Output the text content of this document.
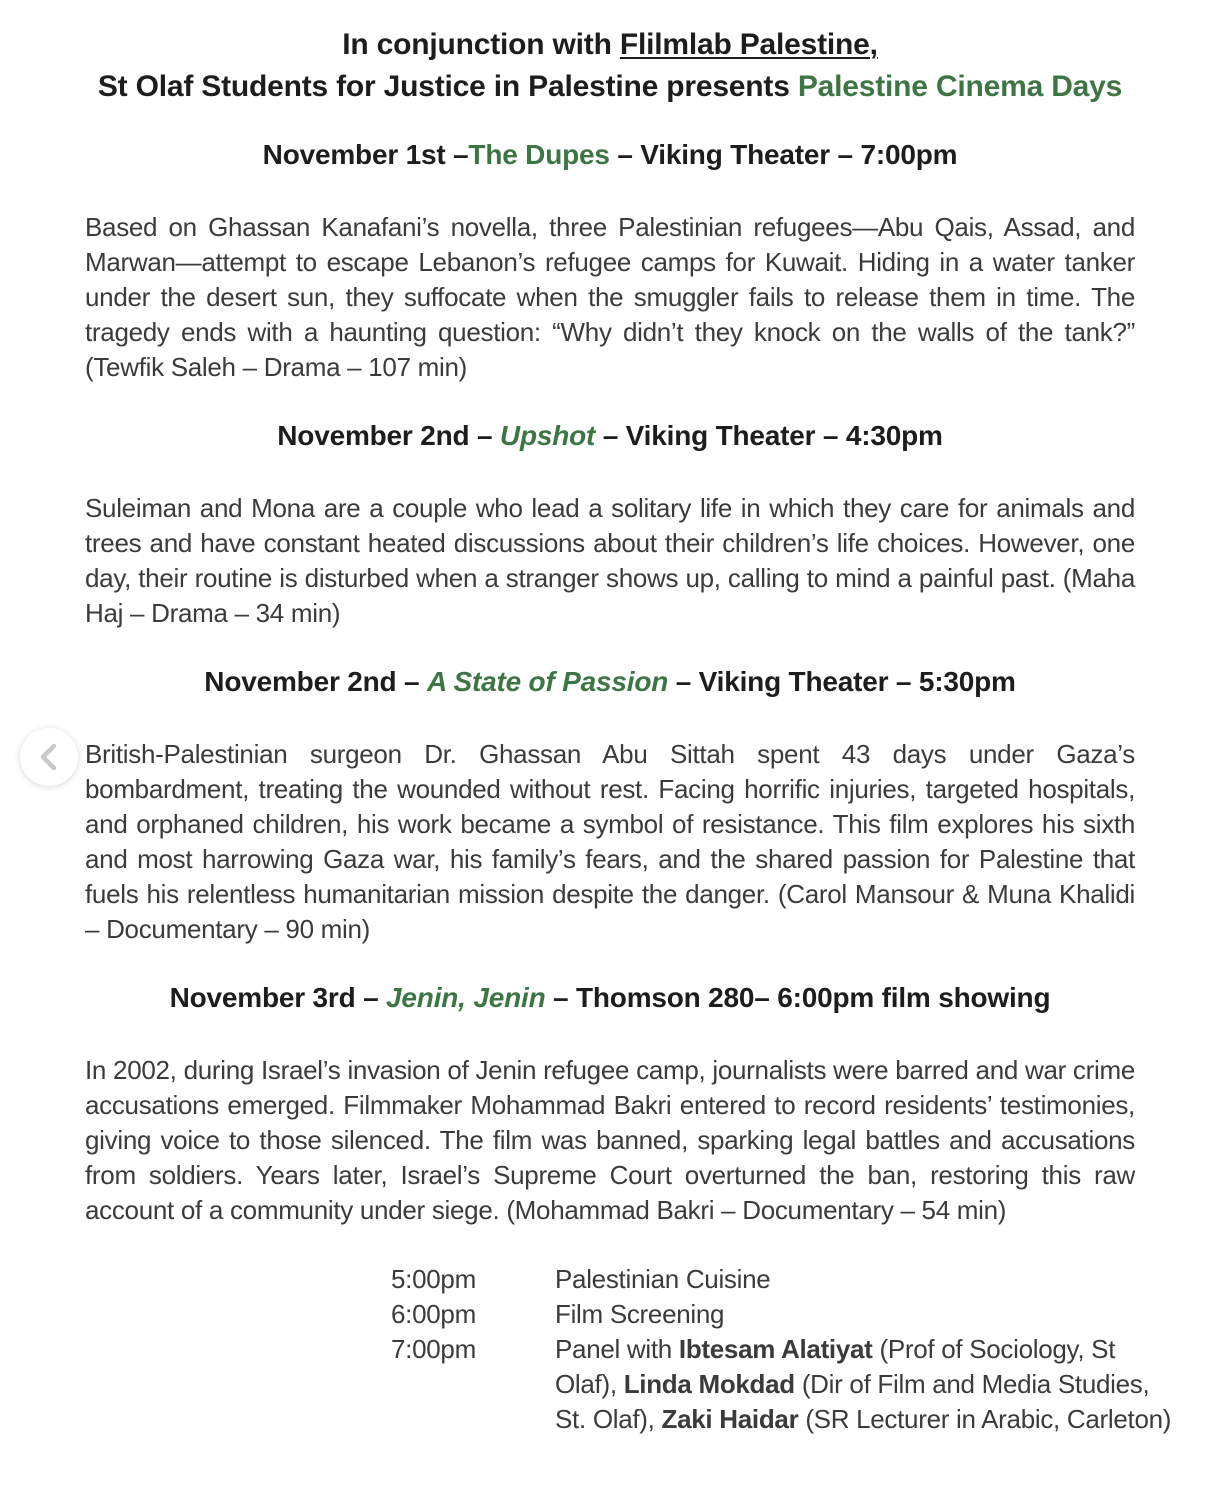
In conjunction with Flilmlab Palestine,
St Olaf Students for Justice in Palestine presents Palestine Cinema Days
November 1st –The Dupes – Viking Theater – 7:00pm

Based on Ghassan Kanafani’s novella, three Palestinian refugees—Abu Qais, Assad, and Marwan—attempt to escape Lebanon’s refugee camps for Kuwait. Hiding in a water tanker under the desert sun, they suffocate when the smuggler fails to release them in time. The tragedy ends with a haunting question: “Why didn’t they knock on the walls of the tank?” (Tewfik Saleh – Drama – 107 min)

November 2nd – Upshot – Viking Theater – 4:30pm

Suleiman and Mona are a couple who lead a solitary life in which they care for animals and trees and have constant heated discussions about their children’s life choices. However, one day, their routine is disturbed when a stranger shows up, calling to mind a painful past. (Maha Haj – Drama – 34 min)

November 2nd – A State of Passion – Viking Theater – 5:30pm

British-Palestinian surgeon Dr. Ghassan Abu Sittah spent 43 days under Gaza’s bombardment, treating the wounded without rest. Facing horrific injuries, targeted hospitals, and orphaned children, his work became a symbol of resistance. This film explores his sixth and most harrowing Gaza war, his family’s fears, and the shared passion for Palestine that fuels his relentless humanitarian mission despite the danger. (Carol Mansour & Muna Khalidi – Documentary – 90 min)

November 3rd – Jenin, Jenin – Thomson 280– 6:00pm film showing

In 2002, during Israel’s invasion of Jenin refugee camp, journalists were barred and war crime accusations emerged. Filmmaker Mohammad Bakri entered to record residents’ testimonies, giving voice to those silenced. The film was banned, sparking legal battles and accusations from soldiers. Years later, Israel’s Supreme Court overturned the ban, restoring this raw account of a community under siege. (Mohammad Bakri – Documentary – 54 min)

5:00pm	Palestinian Cuisine
6:00pm	Film Screening
7:00pm	Panel with Ibtesam Alatiyat (Prof of Sociology, St Olaf), Linda Mokdad (Dir of Film and Media Studies, St. Olaf), Zaki Haidar (SR Lecturer in Arabic, Carleton)
